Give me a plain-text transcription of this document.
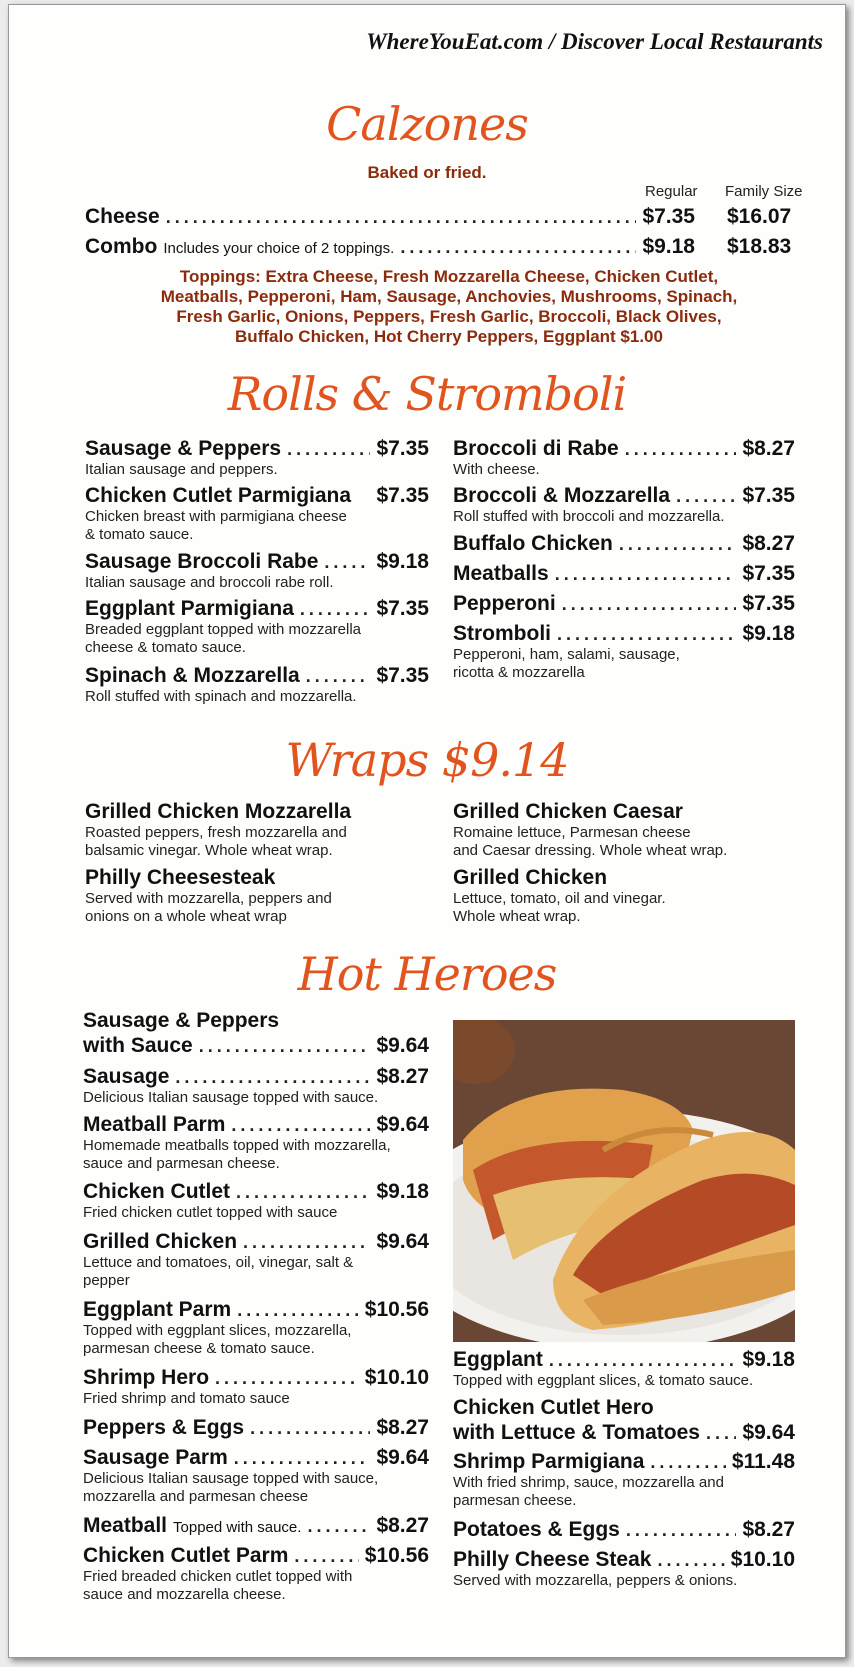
WhereYouEat.com / Discover Local Restaurants
Calzones
Baked or fried.
Regular Family Size
Cheese .....	$7.35 $16.07
Combo Includes your choice of 2 toppings. .....	$9.18 $18.83
Toppings: Extra Cheese, Fresh Mozzarella Cheese, Chicken Cutlet,
Meatballs, Pepperoni, Ham, Sausage, Anchovies, Mushrooms, Spinach,
Fresh Garlic, Onions, Peppers, Fresh Garlic, Broccoli, Black Olives,
Buffalo Chicken, Hot Cherry Peppers, Eggplant $1.00
Rolls & Stromboli
Sausage & Peppers .....	$7.35
Italian sausage and peppers.
Chicken Cutlet Parmigiana $7.35
Chicken breast with parmigiana cheese
& tomato sauce.
Sausage Broccoli Rabe .....	$9.18
Italian sausage and broccoli rabe roll.
Eggplant Parmigiana .....	$7.35
Breaded eggplant topped with mozzarella
cheese & tomato sauce.
Spinach & Mozzarella .....	$7.35
Roll stuffed with spinach and mozzarella.
Broccoli di Rabe .....	$8.27
With cheese.
Broccoli & Mozzarella .....	$7.35
Roll stuffed with broccoli and mozzarella.
Buffalo Chicken .....	$8.27
Meatballs .....	$7.35
Pepperoni .....	$7.35
Stromboli .....	$9.18
Pepperoni, ham, salami, sausage,
ricotta & mozzarella
Wraps $9.14
Grilled Chicken Mozzarella
Roasted peppers, fresh mozzarella and
balsamic vinegar. Whole wheat wrap.
Grilled Chicken Caesar
Romaine lettuce, Parmesan cheese
and Caesar dressing. Whole wheat wrap.
Philly Cheesesteak
Served with mozzarella, peppers and
onions on a whole wheat wrap
Grilled Chicken
Lettuce, tomato, oil and vinegar.
Whole wheat wrap.
Hot Heroes
Sausage & Peppers
with Sauce .....	$9.64
Sausage .....	$8.27
Delicious Italian sausage topped with sauce.
Meatball Parm .....	$9.64
Homemade meatballs topped with mozzarella,
sauce and parmesan cheese.
Chicken Cutlet .....	$9.18
Fried chicken cutlet topped with sauce
Grilled Chicken .....	$9.64
Lettuce and tomatoes, oil, vinegar, salt &
pepper
Eggplant Parm .....	$10.56
Topped with eggplant slices, mozzarella,
parmesan cheese & tomato sauce.
Shrimp Hero .....	$10.10
Fried shrimp and tomato sauce
Peppers & Eggs .....	$8.27
Sausage Parm .....	$9.64
Delicious Italian sausage topped with sauce,
mozzarella and parmesan cheese
Meatball Topped with sauce. .....	$8.27
Chicken Cutlet Parm .....	$10.56
Fried breaded chicken cutlet topped with
sauce and mozzarella cheese.
Eggplant .....	$9.18
Topped with eggplant slices, & tomato sauce.
Chicken Cutlet Hero
with Lettuce & Tomatoes ..... $9.64
Shrimp Parmigiana .....	$11.48
With fried shrimp, sauce, mozzarella and
parmesan cheese.
Potatoes & Eggs .....	$8.27
Philly Cheese Steak .....	$10.10
Served with mozzarella, peppers & onions.
